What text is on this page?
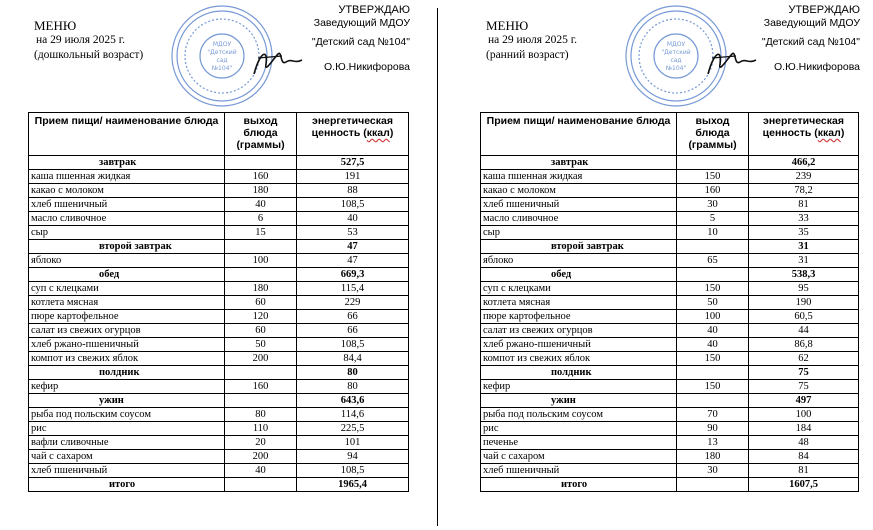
МЕНЮ
на 29 июля 2025 г.
(дошкольный возраст)
МДОУ
"Детский
сад
№104"
УТВЕРЖДАЮ
Заведующий МДОУ
"Детский сад №104"
О.Ю.Никифорова
Прием пищи/ наименование блюда	выход блюда (граммы)	энергетическая ценность (ккал)
завтрак		527,5
каша пшенная жидкая	160	191
какао с молоком	180	88
хлеб пшеничный	40	108,5
масло сливочное	6	40
сыр	15	53
второй завтрак		47
яблоко	100	47
обед		669,3
суп с клецками	180	115,4
котлета мясная	60	229
пюре картофельное	120	66
салат из свежих огурцов	60	66
хлеб ржано-пшеничный	50	108,5
компот из свежих яблок	200	84,4
полдник		80
кефир	160	80
ужин		643,6
рыба под польским соусом	80	114,6
рис	110	225,5
вафли сливочные	20	101
чай с сахаром	200	94
хлеб пшеничный	40	108,5
итого		1965,4
МЕНЮ
на 29 июля 2025 г.
(ранний возраст)
МДОУ
"Детский
сад
№104"
УТВЕРЖДАЮ
Заведующий МДОУ
"Детский сад №104"
О.Ю.Никифорова
Прием пищи/ наименование блюда	выход блюда (граммы)	энергетическая ценность (ккал)
завтрак		466,2
каша пшенная жидкая	150	239
какао с молоком	160	78,2
хлеб пшеничный	30	81
масло сливочное	5	33
сыр	10	35
второй завтрак		31
яблоко	65	31
обед		538,3
суп с клецками	150	95
котлета мясная	50	190
пюре картофельное	100	60,5
салат из свежих огурцов	40	44
хлеб ржано-пшеничный	40	86,8
компот из свежих яблок	150	62
полдник		75
кефир	150	75
ужин		497
рыба под польским соусом	70	100
рис	90	184
печенье	13	48
чай с сахаром	180	84
хлеб пшеничный	30	81
итого		1607,5
